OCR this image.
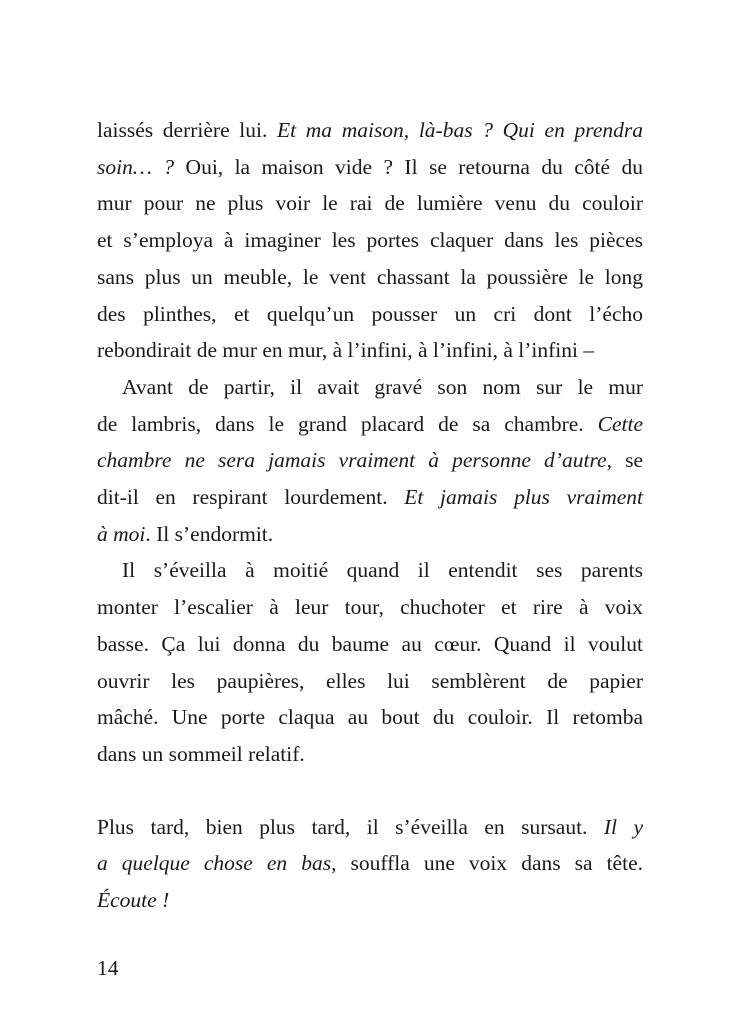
laissés derrière lui. Et ma maison, là-bas ? Qui en prendra
soin… ? Oui, la maison vide ? Il se retourna du côté du
mur pour ne plus voir le rai de lumière venu du couloir
et s’employa à imaginer les portes claquer dans les pièces
sans plus un meuble, le vent chassant la poussière le long
des plinthes, et quelqu’un pousser un cri dont l’écho
rebondirait de mur en mur, à l’infini, à l’infini, à l’infini –
Avant de partir, il avait gravé son nom sur le mur
de lambris, dans le grand placard de sa chambre. Cette
chambre ne sera jamais vraiment à personne d’autre, se
dit-il en respirant lourdement. Et jamais plus vraiment
à moi. Il s’endormit.
Il s’éveilla à moitié quand il entendit ses parents
monter l’escalier à leur tour, chuchoter et rire à voix
basse. Ça lui donna du baume au cœur. Quand il voulut
ouvrir les paupières, elles lui semblèrent de papier
mâché. Une porte claqua au bout du couloir. Il retomba
dans un sommeil relatif.
Plus tard, bien plus tard, il s’éveilla en sursaut. Il y
a quelque chose en bas, souffla une voix dans sa tête.
Écoute !
14
